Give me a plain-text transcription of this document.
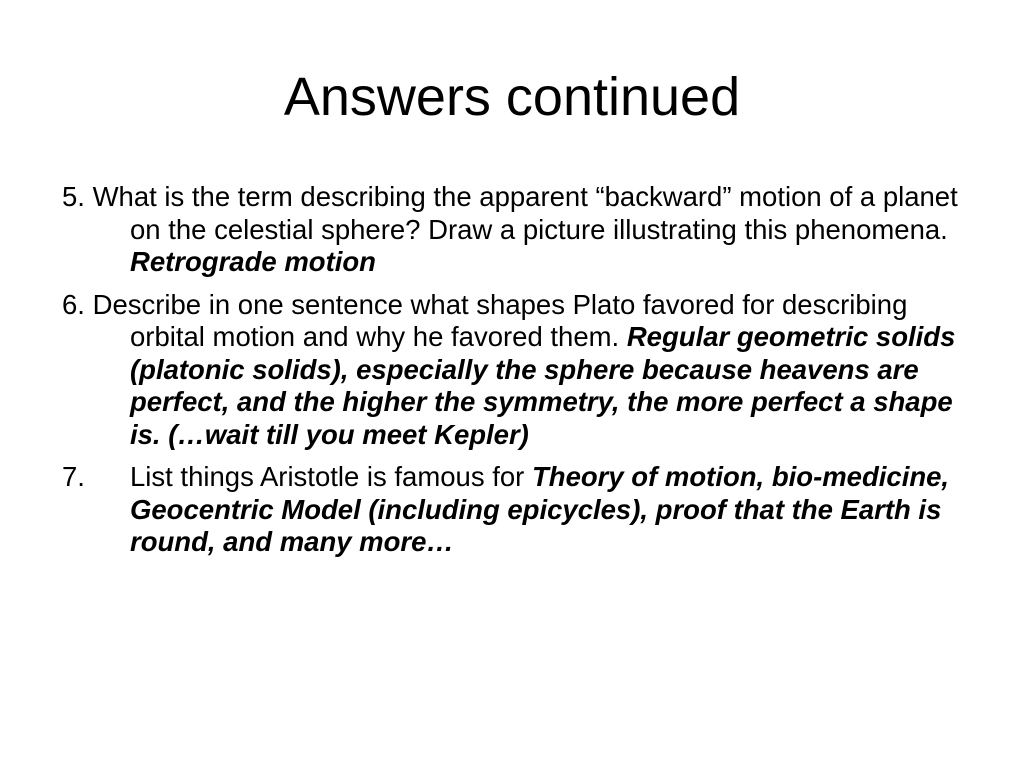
Answers continued
5. What is the term describing the apparent “backward” motion of a planet on the celestial sphere? Draw a picture illustrating this phenomena.    Retrograde motion
6. Describe in one sentence what shapes Plato favored for describing orbital motion and why he favored them. Regular geometric solids (platonic solids), especially the sphere because heavens are perfect, and the higher the symmetry, the more perfect a shape is. (…wait till you meet Kepler)
7. List things Aristotle is famous for Theory of motion, bio-medicine, Geocentric Model (including epicycles), proof that the Earth is round, and many more…
